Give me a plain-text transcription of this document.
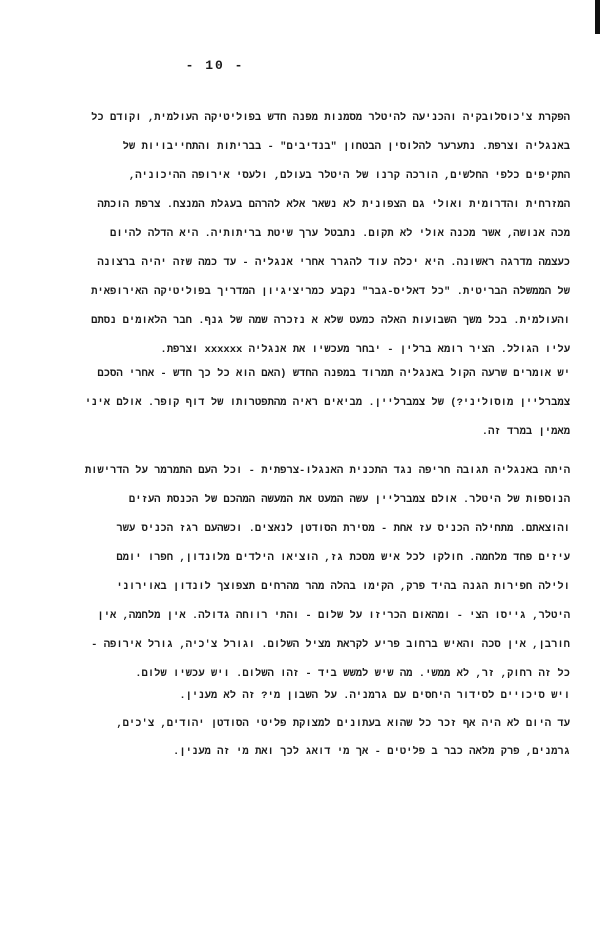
- 10 -
הפקרת צ'כוסלובקיה והכניעה להיטלר מסמנות מפנה חדש בפוליטיקה העולמית, וקודם כל
באנגליה וצרפת. נתערער להלוסין הבטחון "בנדיבים" - בבריתות והתחייבויות של
התקיפים כלפי החלשים, הורכה קרנו של היטלר בעולם, ולעסי אירופה ההיכוניה,
המזרחית והדרומית ואולי גם הצפונית לא נשאר אלא להרהם בעגלת המנצח. צרפת הוכתה
מכה אנושה, אשר מכנה אולי לא תקום. נתבטל ערך שיטת בריתותיה. היא הדלה להיום
כעצמה מדרגה ראשונה. היא יכלה עוד להגרר אחרי אנגליה - עד כמה שזה יהיה ברצונה
של הממשלה הבריטית. "כל דאליס-גבר" נקבע כמריציגיון המדריך בפוליטיקה האירופאית
והעולמית. בכל משך השבועות האלה כמעט שלא א נזכרה שמה של גנף. חבר הלאומים נסתם
עליו הגולל. הציר רומא ברלין - יבחר מעכשיו את אנגליה xxxxxx וצרפת.
יש אומרים שרעה הקול באנגליה תמרוד במפנה החדש (האם הוא כל כך חדש - אחרי הסכם
צמברליין מוסוליני?) של צמברליין. מביאים ראיה מהתפטרותו של דוף קופר. אולם איני
מאמין במרד זה.
היתה באנגליה תגובה חריפה נגד התכנית האנגלו-צרפתית - וכל העם התמרמר על הדרישות
הנוספות של היטלר. אולם צמברליין עשה המעט את המעשה המהכם של הכנסת העזים
והוצאתם. מתחילה הכניס עז אחת - מסירת הסודטן לנאצים. וכשהעם רגז הכניס עשר
עיזים פחד מלחמה. חולקו לכל איש מסכת גז, הוציאו הילדים מלונדון, חפרו יומם
ולילה חפירות הגנה בהיד פרק, הקימו בהלה מהר מהרחים תצפוצך לונדון באוירוני
היטלר, גייסו הצי - ומהאום הכריזו על שלום - והתי רווחה גדולה. אין מלחמה, אין
חורבן, אין סכה והאיש ברחוב פריע לקראת מציל השלום. וגורל צ'כיה, גורל אירופה -
כל זה רחוק, זר, לא ממשי. מה שיש למשש ביד - זהו השלום. ויש עכשיו שלום.
ויש סיכויים לסידור היחסים עם גרמניה. על השבון מי? זה לא מענין.
עד היום לא היה אף זכר כל שהוא בעתונים למצוקת פליטי הסודטן יהודים, צ'כים,
גרמנים, פרק מלאה כבר ב פליטים - אך מי דואג לכך ואת מי זה מענין.
